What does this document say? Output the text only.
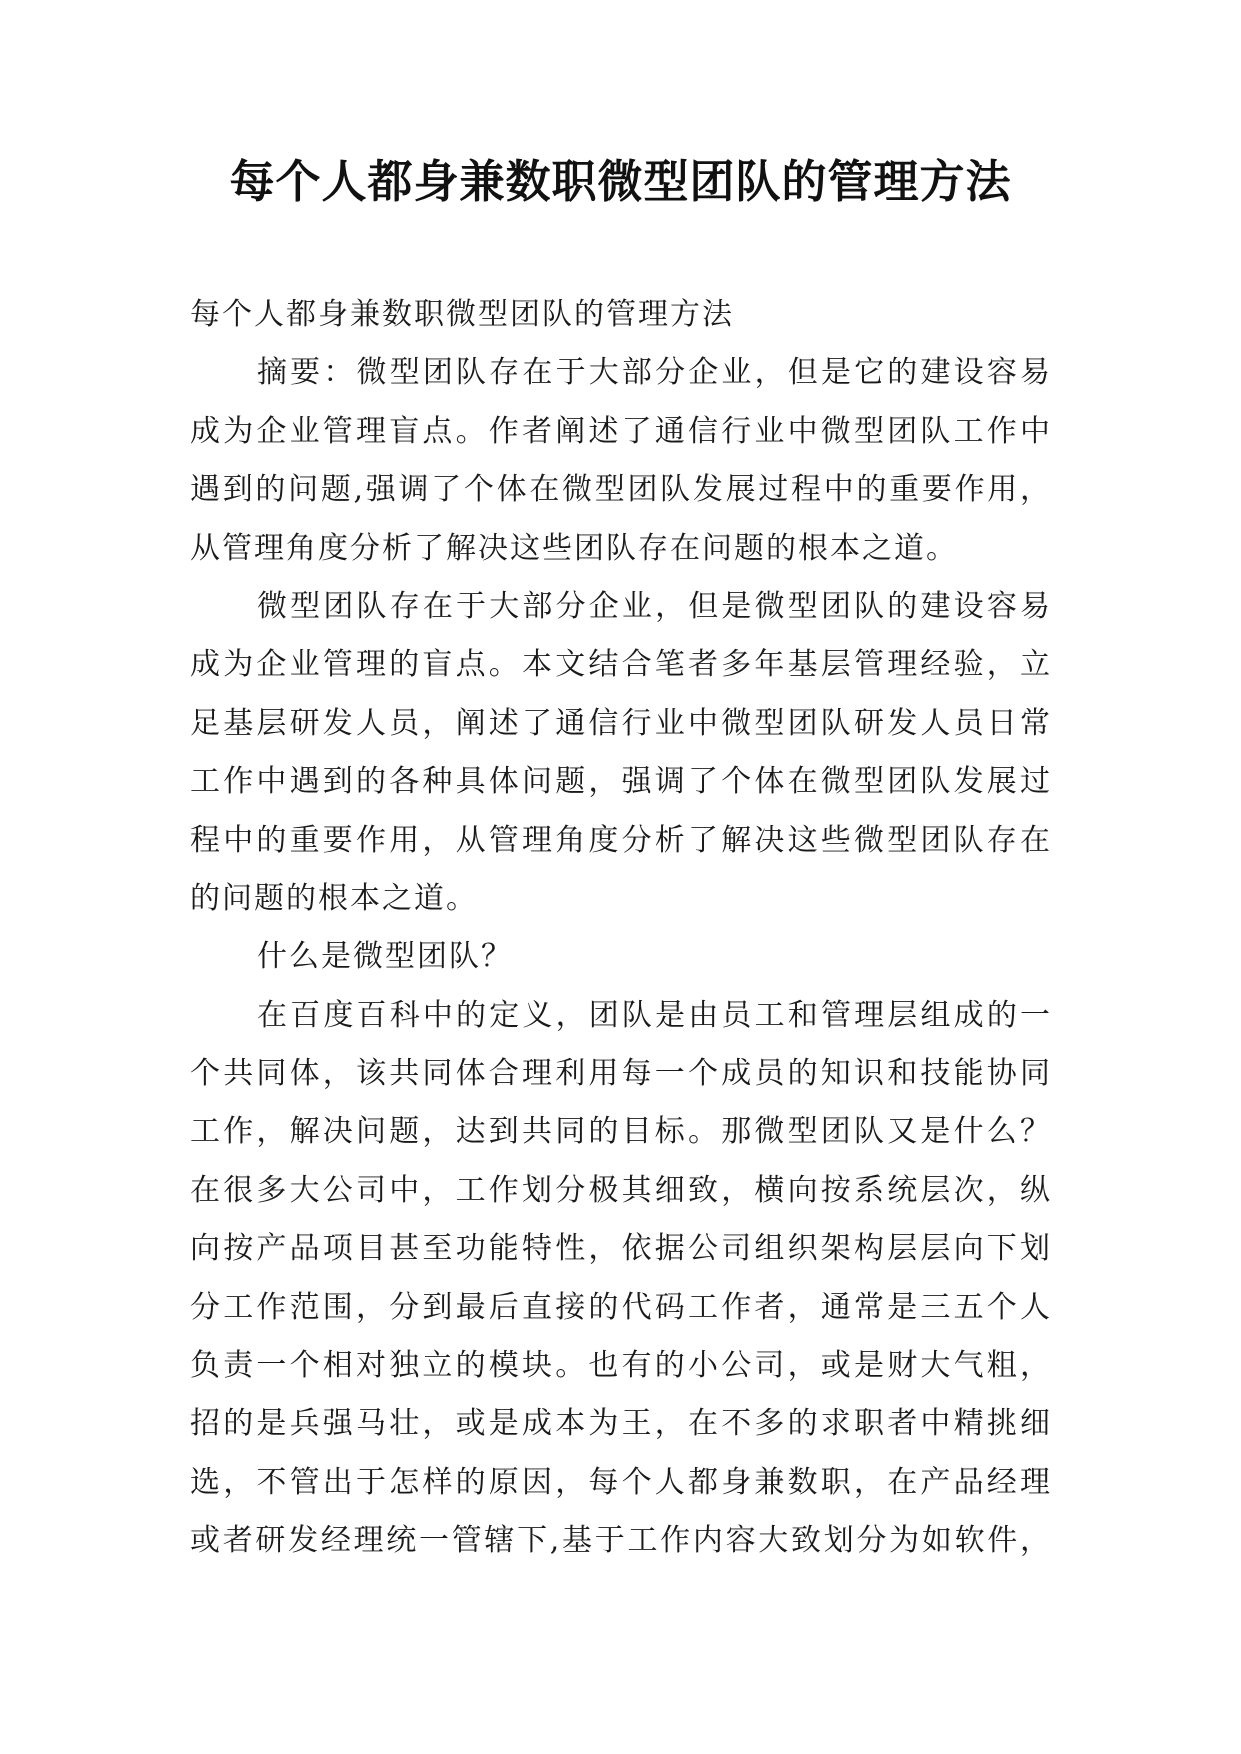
每个人都身兼数职微型团队的管理方法
每个人都身兼数职微型团队的管理方法
摘要：微型团队存在于大部分企业，但是它的建设容易
成为企业管理盲点。作者阐述了通信行业中微型团队工作中
遇到的问题,强调了个体在微型团队发展过程中的重要作用，
从管理角度分析了解决这些团队存在问题的根本之道。
微型团队存在于大部分企业，但是微型团队的建设容易
成为企业管理的盲点。本文结合笔者多年基层管理经验，立
足基层研发人员，阐述了通信行业中微型团队研发人员日常
工作中遇到的各种具体问题，强调了个体在微型团队发展过
程中的重要作用，从管理角度分析了解决这些微型团队存在
的问题的根本之道。
什么是微型团队？
在百度百科中的定义，团队是由员工和管理层组成的一
个共同体，该共同体合理利用每一个成员的知识和技能协同
工作，解决问题，达到共同的目标。那微型团队又是什么？
在很多大公司中，工作划分极其细致，横向按系统层次，纵
向按产品项目甚至功能特性，依据公司组织架构层层向下划
分工作范围，分到最后直接的代码工作者，通常是三五个人
负责一个相对独立的模块。也有的小公司，或是财大气粗，
招的是兵强马壮，或是成本为王，在不多的求职者中精挑细
选，不管出于怎样的原因，每个人都身兼数职，在产品经理
或者研发经理统一管辖下,基于工作内容大致划分为如软件，
